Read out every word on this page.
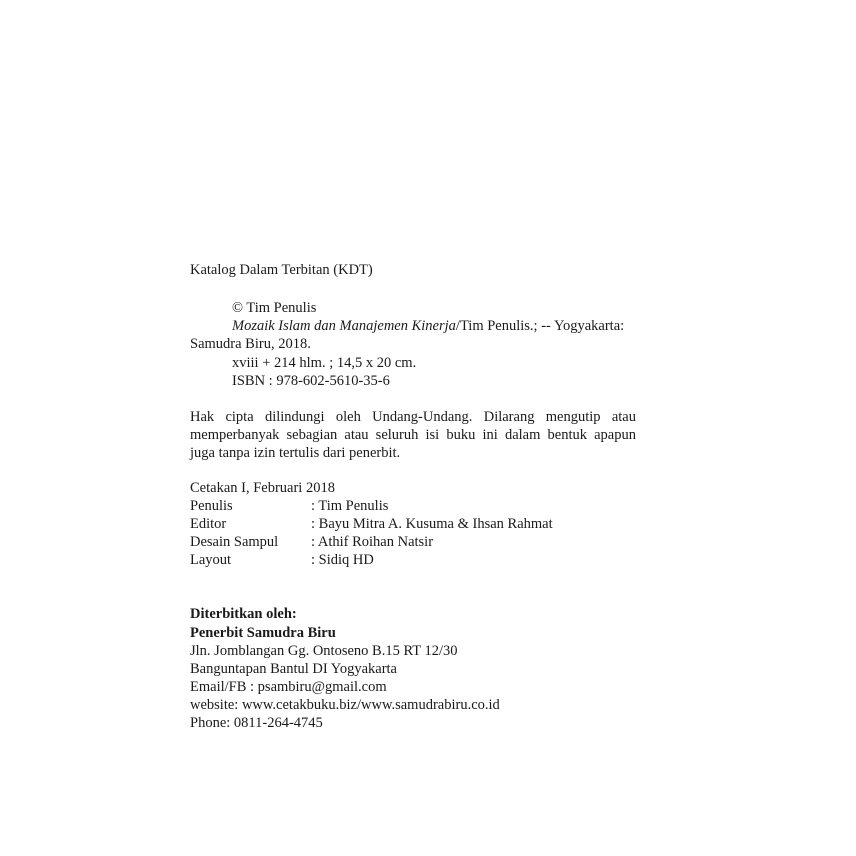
Katalog Dalam Terbitan (KDT)
© Tim Penulis
Mozaik Islam dan Manajemen Kinerja/Tim Penulis.; -- Yogyakarta:
Samudra Biru, 2018.
xviii + 214 hlm. ; 14,5 x 20 cm.
ISBN : 978-602-5610-35-6
Hak cipta dilindungi oleh Undang-Undang. Dilarang mengutip atau
memperbanyak sebagian atau seluruh isi buku ini dalam bentuk apapun
juga tanpa izin tertulis dari penerbit.
Cetakan I, Februari 2018
Penulis	: Tim Penulis
Editor	: Bayu Mitra A. Kusuma & Ihsan Rahmat
Desain Sampul : Athif Roihan Natsir
Layout	: Sidiq HD
Diterbitkan oleh:
Penerbit Samudra Biru
Jln. Jomblangan Gg. Ontoseno B.15 RT 12/30
Banguntapan Bantul DI Yogyakarta
Email/FB : psambiru@gmail.com
website: www.cetakbuku.biz/www.samudrabiru.co.id
Phone: 0811-264-4745
